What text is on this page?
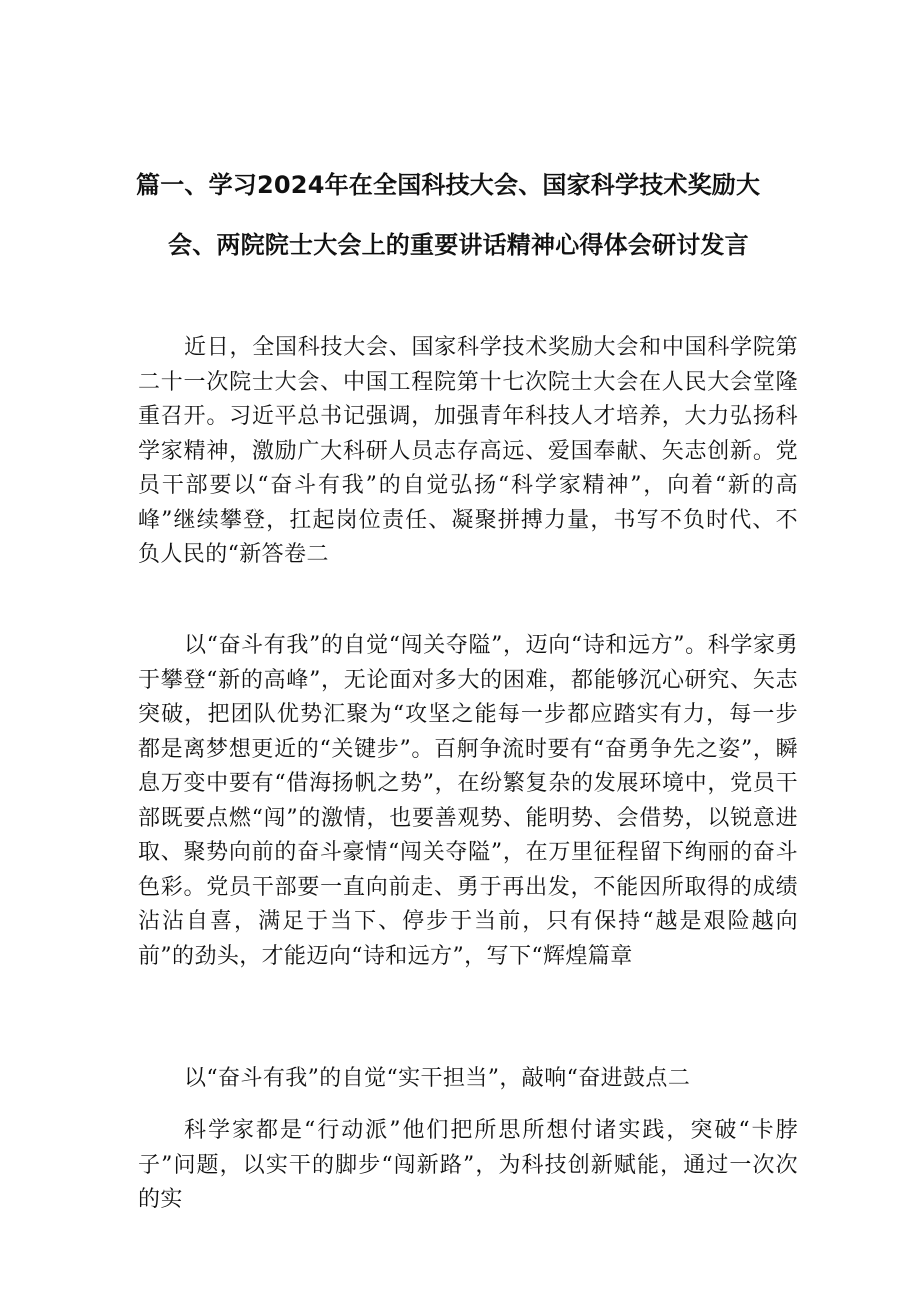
篇一、学习2024年在全国科技大会、国家科学技术奖励大
会、两院院士大会上的重要讲话精神心得体会研讨发言

近日，全国科技大会、国家科学技术奖励大会和中国科学院第二十一次院士大会、中国工程院第十七次院士大会在人民大会堂隆重召开。习近平总书记强调，加强青年科技人才培养，大力弘扬科学家精神，激励广大科研人员志存高远、爱国奉献、矢志创新。党员干部要以“奋斗有我”的自觉弘扬“科学家精神”，向着“新的高峰”继续攀登，扛起岗位责任、凝聚拼搏力量，书写不负时代、不负人民的“新答卷二

以“奋斗有我”的自觉“闯关夺隘”，迈向“诗和远方”。科学家勇于攀登“新的高峰”，无论面对多大的困难，都能够沉心研究、矢志突破，把团队优势汇聚为“攻坚之能每一步都应踏实有力，每一步都是离梦想更近的“关键步”。百舸争流时要有“奋勇争先之姿”，瞬息万变中要有“借海扬帆之势”，在纷繁复杂的发展环境中，党员干部既要点燃“闯”的激情，也要善观势、能明势、会借势，以锐意进取、聚势向前的奋斗豪情“闯关夺隘”，在万里征程留下绚丽的奋斗色彩。党员干部要一直向前走、勇于再出发，不能因所取得的成绩沾沾自喜，满足于当下、停步于当前，只有保持“越是艰险越向前”的劲头，才能迈向“诗和远方”，写下“辉煌篇章

以“奋斗有我”的自觉“实干担当”，敲响“奋进鼓点二

科学家都是“行动派”他们把所思所想付诸实践，突破“卡脖子”问题，以实干的脚步“闯新路”，为科技创新赋能，通过一次次的实
